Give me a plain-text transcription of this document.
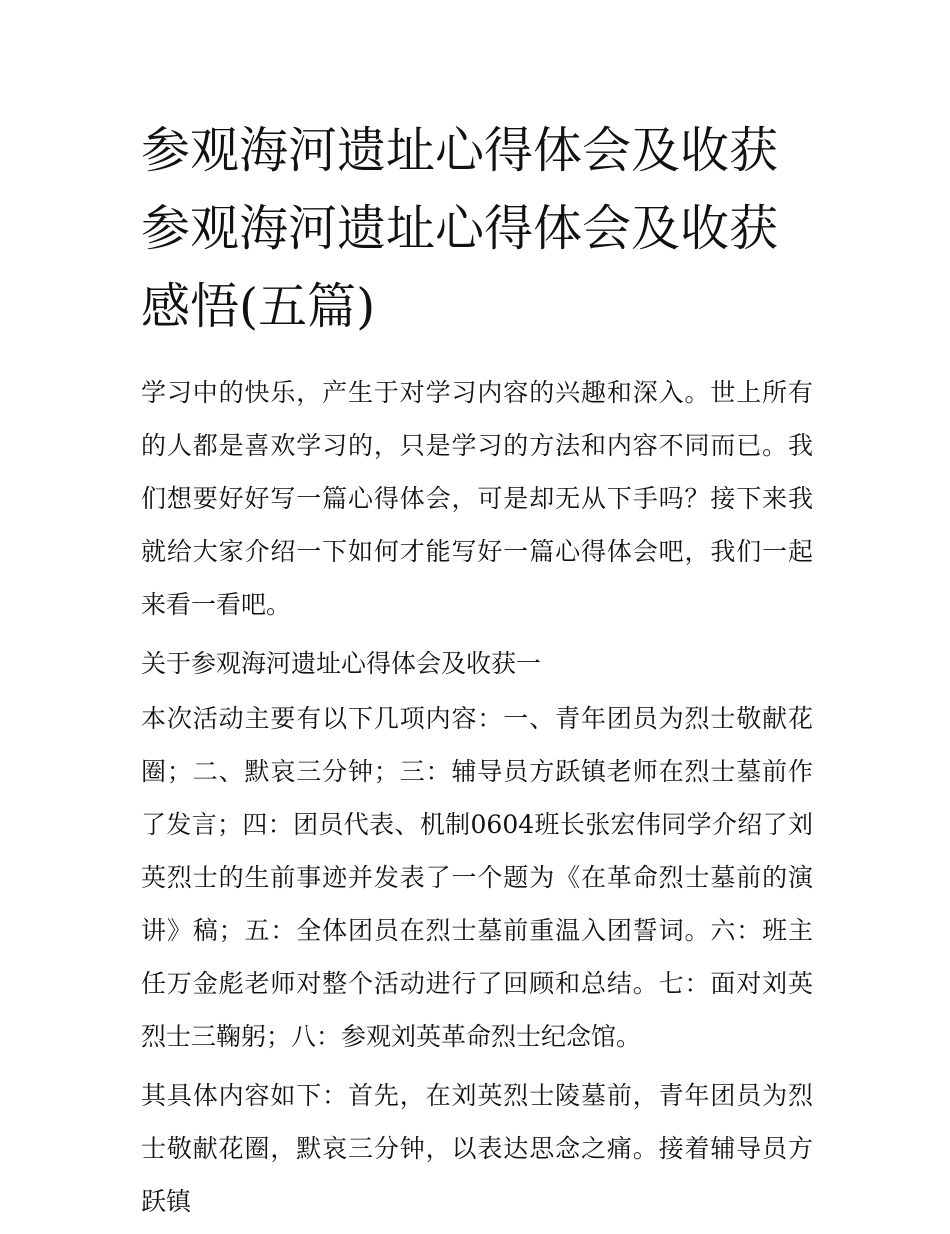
参观海河遗址心得体会及收获参观海河遗址心得体会及收获感悟(五篇)

学习中的快乐，产生于对学习内容的兴趣和深入。世上所有的人都是喜欢学习的，只是学习的方法和内容不同而已。我们想要好好写一篇心得体会，可是却无从下手吗？接下来我就给大家介绍一下如何才能写好一篇心得体会吧，我们一起来看一看吧。

关于参观海河遗址心得体会及收获一

本次活动主要有以下几项内容：一、青年团员为烈士敬献花圈；二、默哀三分钟；三：辅导员方跃镇老师在烈士墓前作了发言；四：团员代表、机制0604班长张宏伟同学介绍了刘英烈士的生前事迹并发表了一个题为《在革命烈士墓前的演讲》稿；五：全体团员在烈士墓前重温入团誓词。六：班主任万金彪老师对整个活动进行了回顾和总结。七：面对刘英烈士三鞠躬；八：参观刘英革命烈士纪念馆。

其具体内容如下：首先，在刘英烈士陵墓前，青年团员为烈士敬献花圈，默哀三分钟，以表达思念之痛。接着辅导员方跃镇
